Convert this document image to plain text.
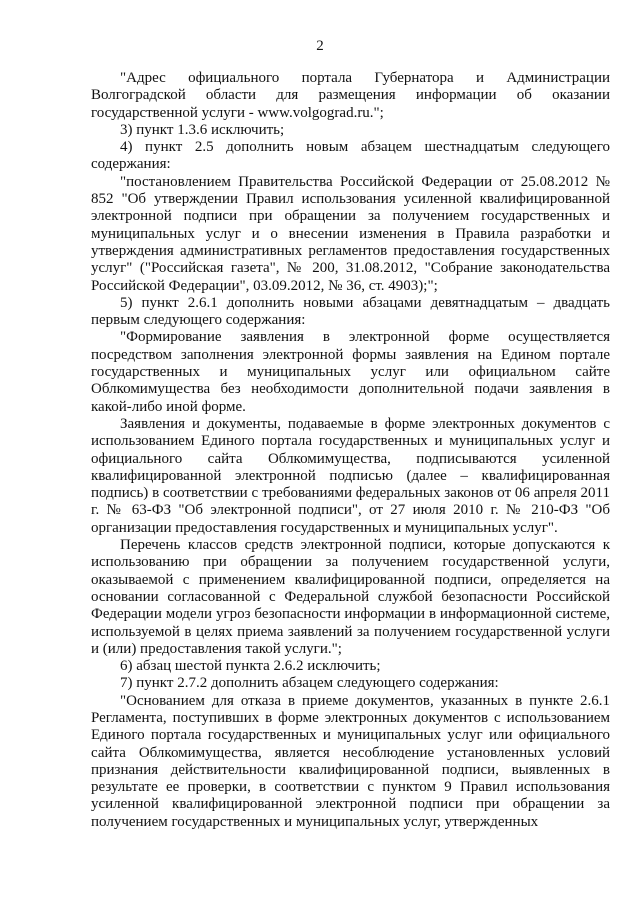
2

"Адрес официального портала Губернатора и Администрации Волгоградской области для размещения информации об оказании государственной услуги - www.volgograd.ru.";

3) пункт 1.3.6 исключить;

4) пункт 2.5 дополнить новым абзацем шестнадцатым следующего содержания:

"постановлением Правительства Российской Федерации от 25.08.2012 № 852 "Об утверждении Правил использования усиленной квалифицированной электронной подписи при обращении за получением государственных и муниципальных услуг и о внесении изменения в Правила разработки и утверждения административных регламентов предоставления государственных услуг" ("Российская газета", № 200, 31.08.2012, "Собрание законодательства Российской Федерации", 03.09.2012, № 36, ст. 4903);";

5) пункт 2.6.1 дополнить новыми абзацами девятнадцатым – двадцать первым следующего содержания:

"Формирование заявления в электронной форме осуществляется посредством заполнения электронной формы заявления на Едином портале государственных и муниципальных услуг или официальном сайте Облкомимущества без необходимости дополнительной подачи заявления в какой-либо иной форме.

Заявления и документы, подаваемые в форме электронных документов с использованием Единого портала государственных и муниципальных услуг и официального сайта Облкомимущества, подписываются усиленной квалифицированной электронной подписью (далее – квалифицированная подпись) в соответствии с требованиями федеральных законов от 06 апреля 2011 г. № 63-ФЗ "Об электронной подписи", от 27 июля 2010 г. № 210-ФЗ "Об организации предоставления государственных и муниципальных услуг".

Перечень классов средств электронной подписи, которые допускаются к использованию при обращении за получением государственной услуги, оказываемой с применением квалифицированной подписи, определяется на основании согласованной с Федеральной службой безопасности Российской Федерации модели угроз безопасности информации в информационной системе, используемой в целях приема заявлений за получением государственной услуги и (или) предоставления такой услуги.";

6) абзац шестой пункта 2.6.2 исключить;

7) пункт 2.7.2 дополнить абзацем следующего содержания:

"Основанием для отказа в приеме документов, указанных в пункте 2.6.1 Регламента, поступивших в форме электронных документов с использованием Единого портала государственных и муниципальных услуг или официального сайта Облкомимущества, является несоблюдение установленных условий признания действительности квалифицированной подписи, выявленных в результате ее проверки, в соответствии с пунктом 9 Правил использования усиленной квалифицированной электронной подписи при обращении за получением государственных и муниципальных услуг, утвержденных
